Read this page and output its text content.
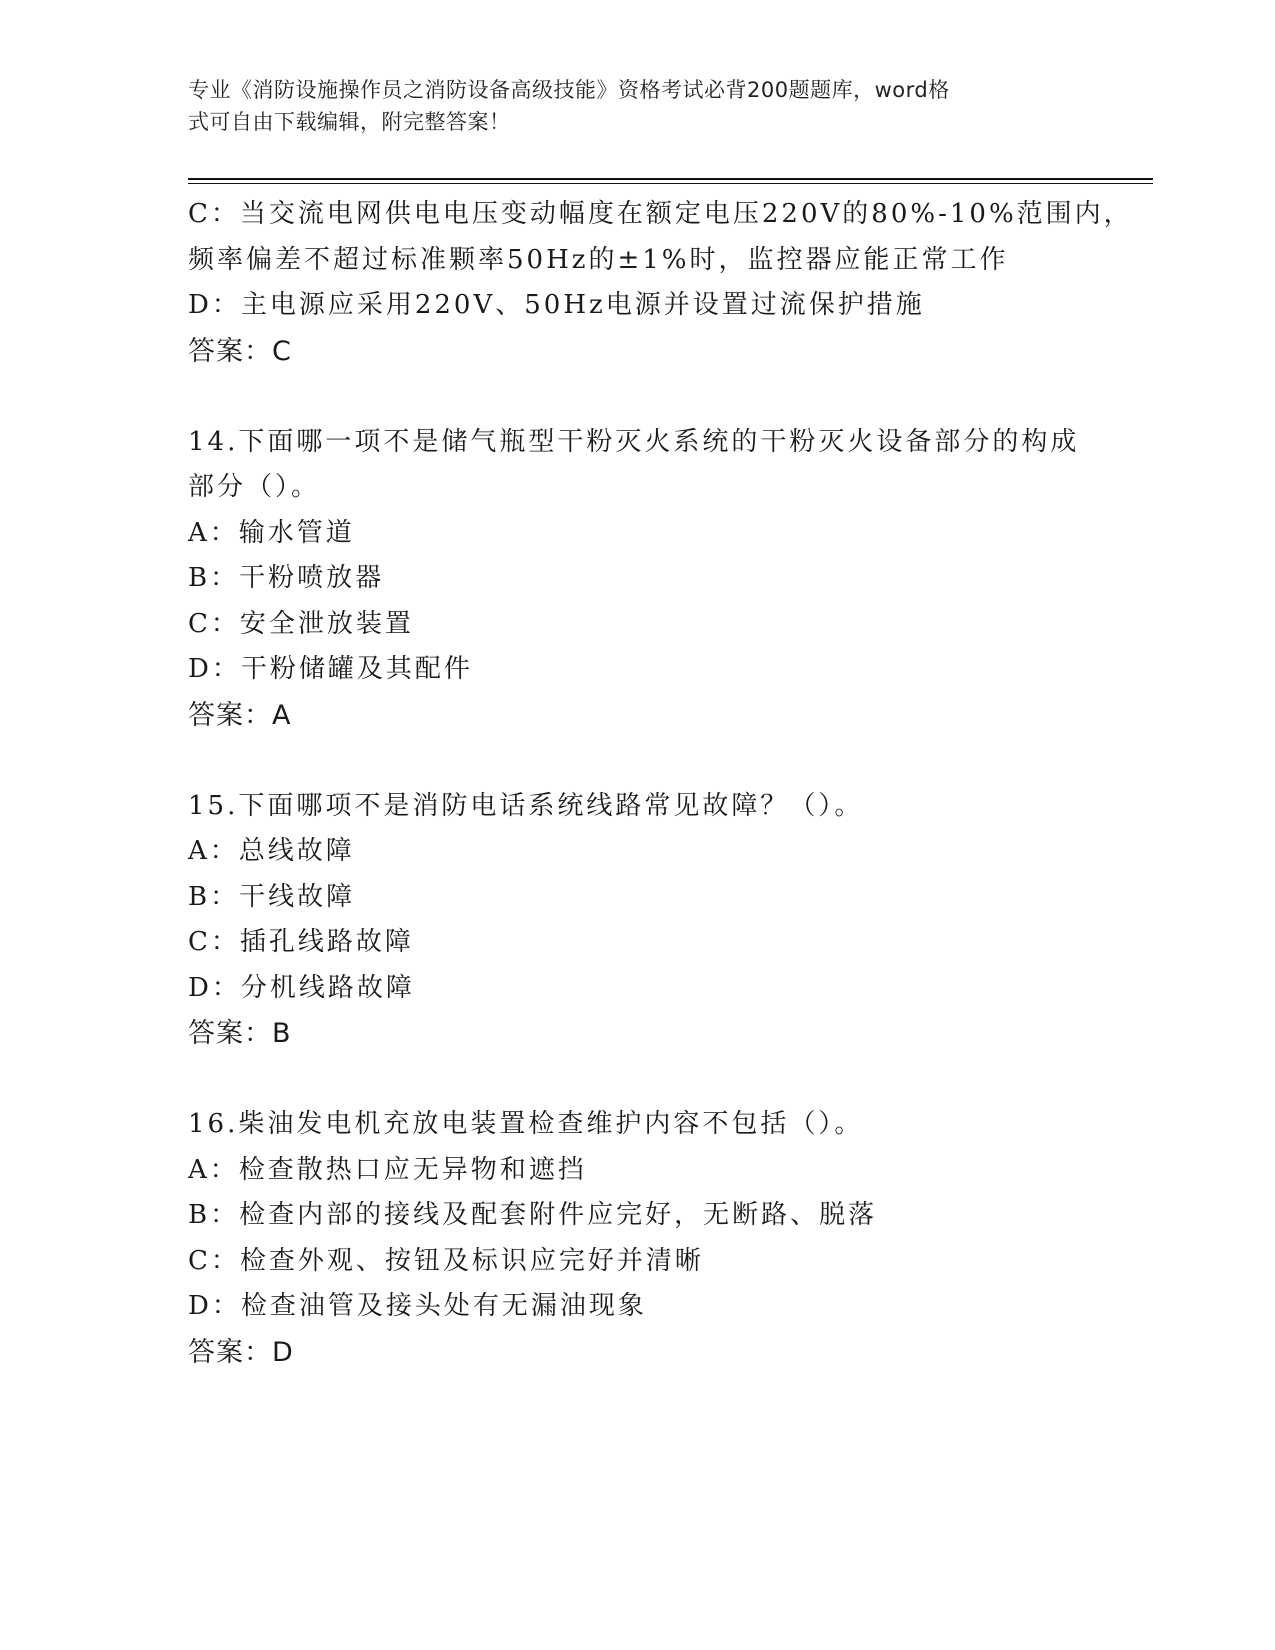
专业《消防设施操作员之消防设备高级技能》资格考试必背200题题库，word格
式可自由下载编辑，附完整答案！
C：当交流电网供电电压变动幅度在额定电压220V的80%-10%范围内，
频率偏差不超过标准颗率50Hz的±1%时，监控器应能正常工作
D：主电源应采用220V、50Hz电源并设置过流保护措施
答案：C
14.下面哪一项不是储气瓶型干粉灭火系统的干粉灭火设备部分的构成
部分（）。
A：输水管道
B：干粉喷放器
C：安全泄放装置
D：干粉储罐及其配件
答案：A
15.下面哪项不是消防电话系统线路常见故障？（）。
A：总线故障
B：干线故障
C：插孔线路故障
D：分机线路故障
答案：B
16.柴油发电机充放电装置检查维护内容不包括（）。
A：检查散热口应无异物和遮挡
B：检查内部的接线及配套附件应完好，无断路、脱落
C：检查外观、按钮及标识应完好并清晰
D：检查油管及接头处有无漏油现象
答案：D
